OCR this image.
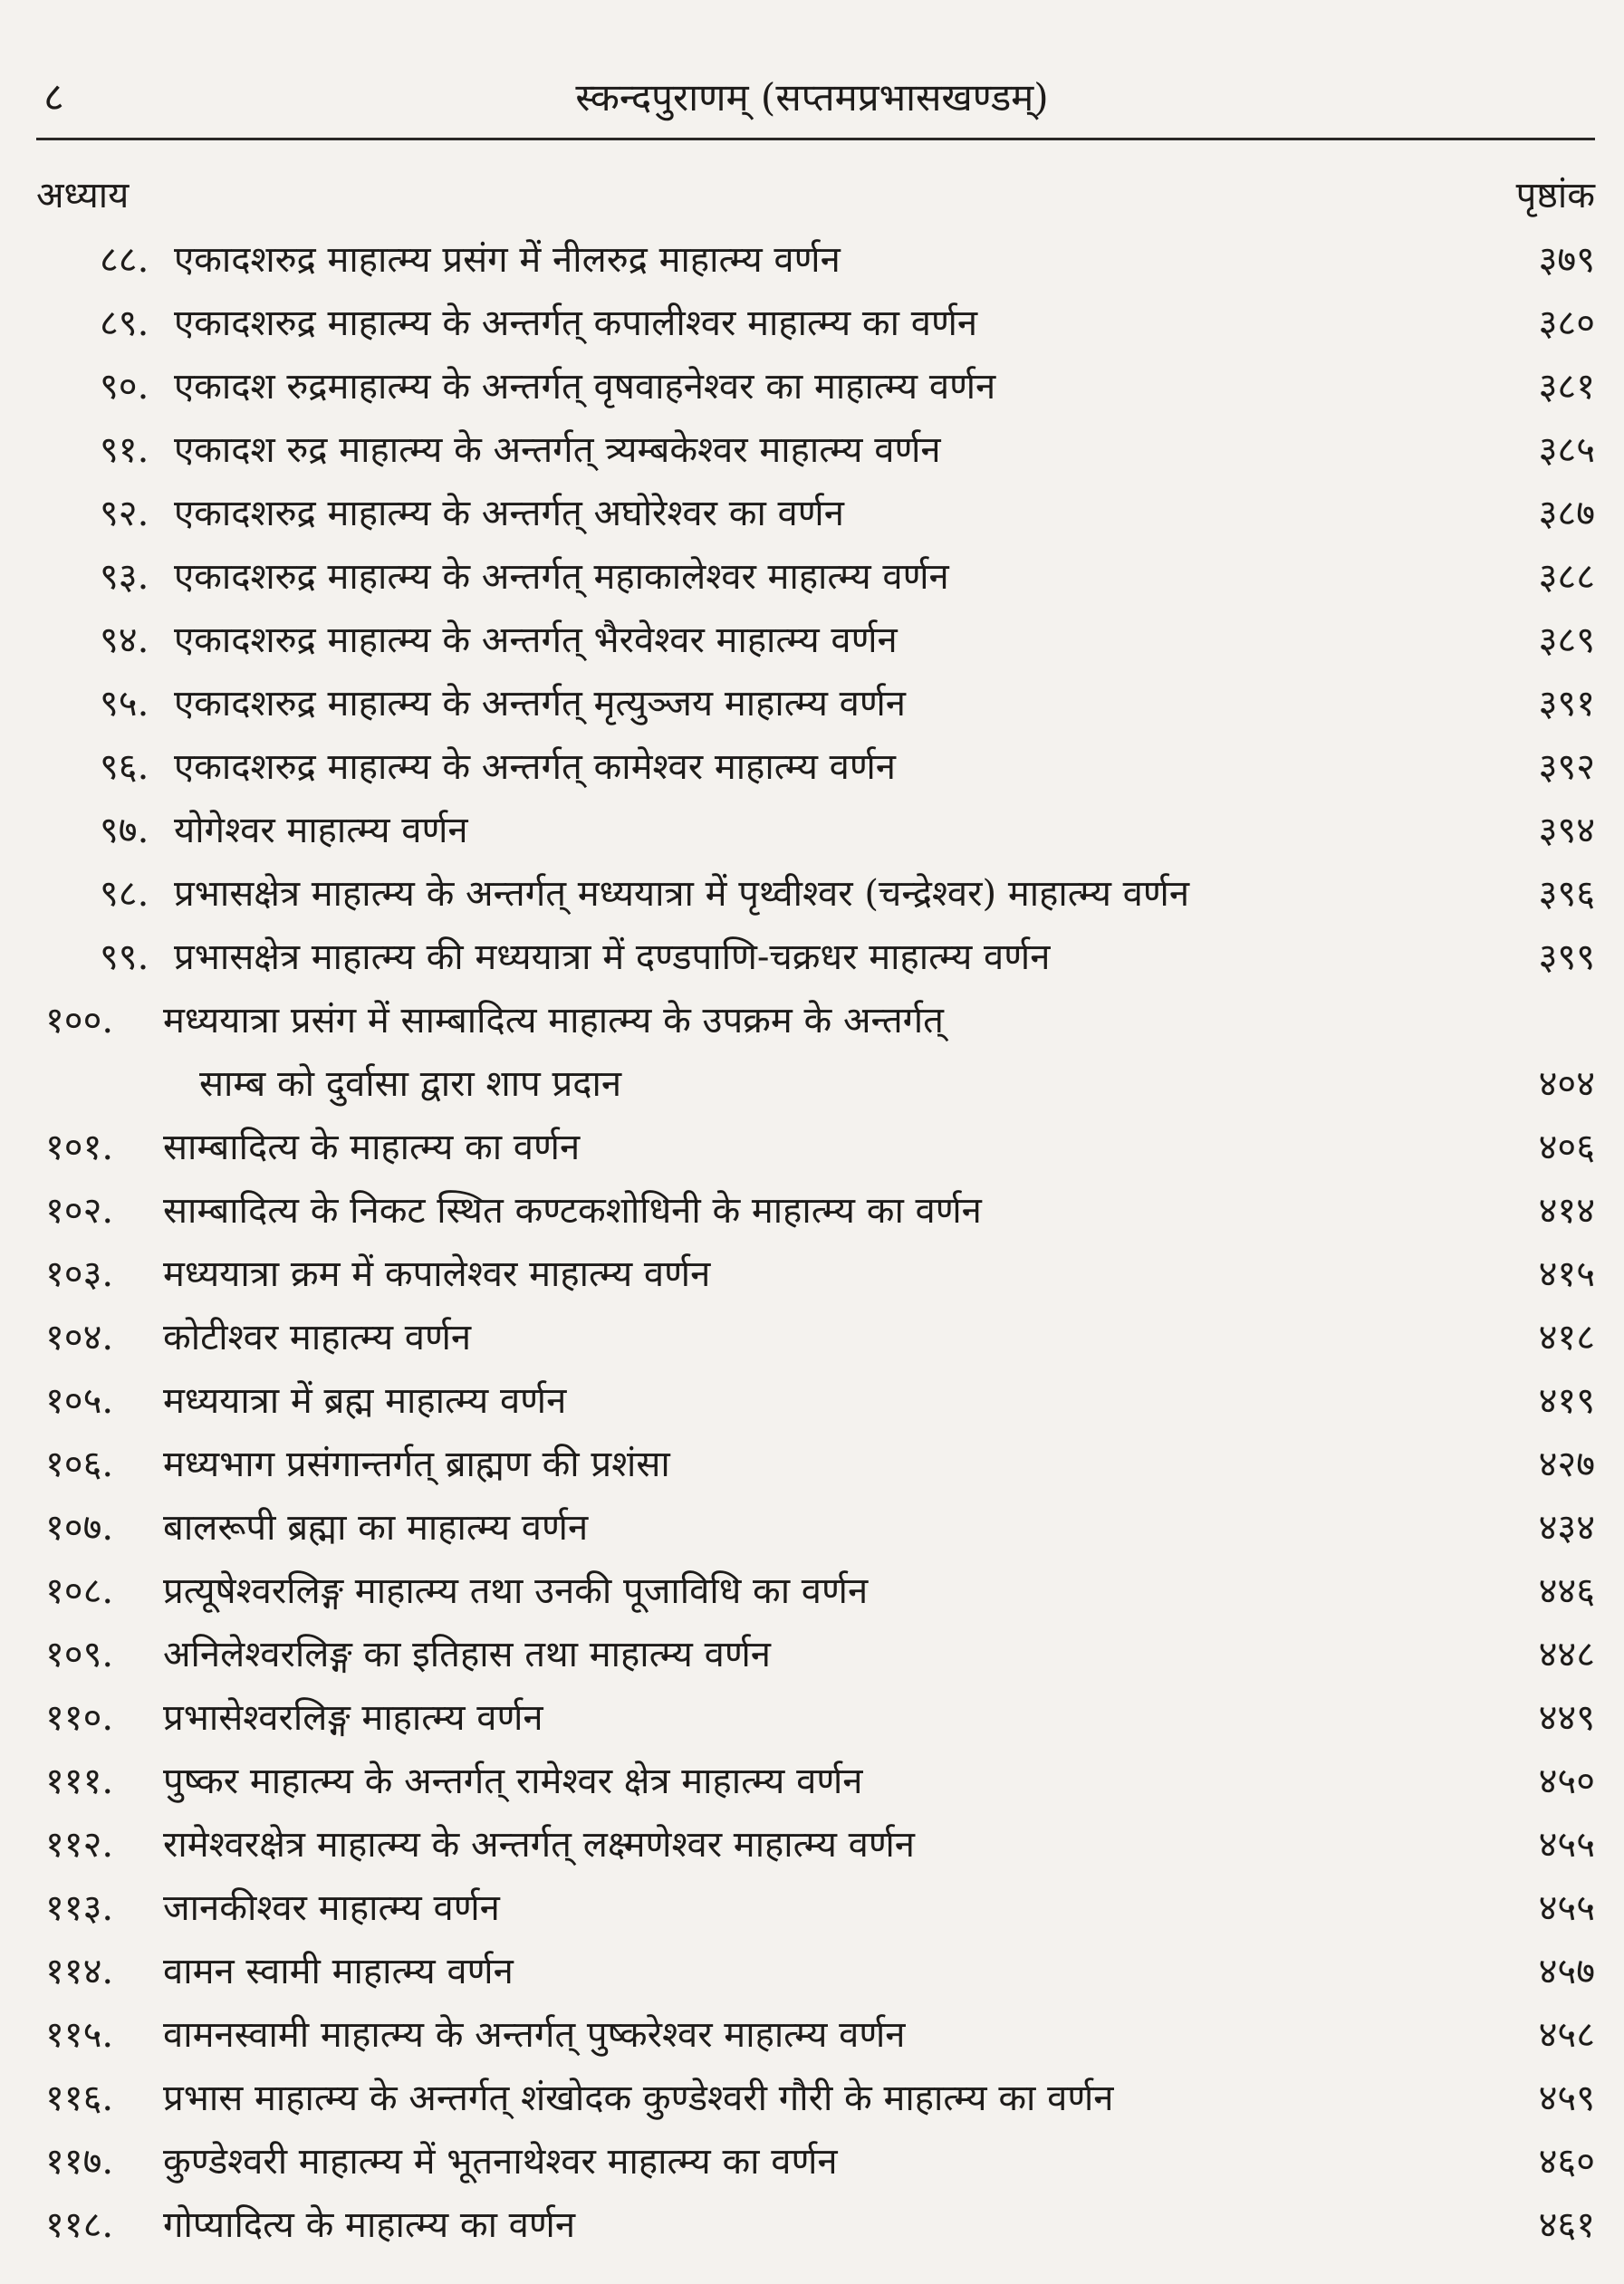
८	स्कन्दपुराणम् (सप्तमप्रभासखण्डम्)
अध्याय	पृष्ठांक
८८. एकादशरुद्र माहात्म्य प्रसंग में नीलरुद्र माहात्म्य वर्णन	३७९
८९. एकादशरुद्र माहात्म्य के अन्तर्गत् कपालीश्वर माहात्म्य का वर्णन	३८०
९०. एकादश रुद्रमाहात्म्य के अन्तर्गत् वृषवाहनेश्वर का माहात्म्य वर्णन	३८१
९१. एकादश रुद्र माहात्म्य के अन्तर्गत् त्र्यम्बकेश्वर माहात्म्य वर्णन	३८५
९२. एकादशरुद्र माहात्म्य के अन्तर्गत् अघोरेश्वर का वर्णन	३८७
९३. एकादशरुद्र माहात्म्य के अन्तर्गत् महाकालेश्वर माहात्म्य वर्णन	३८८
९४. एकादशरुद्र माहात्म्य के अन्तर्गत् भैरवेश्वर माहात्म्य वर्णन	३८९
९५. एकादशरुद्र माहात्म्य के अन्तर्गत् मृत्युञ्जय माहात्म्य वर्णन	३९१
९६. एकादशरुद्र माहात्म्य के अन्तर्गत् कामेश्वर माहात्म्य वर्णन	३९२
९७. योगेश्वर माहात्म्य वर्णन	३९४
९८. प्रभासक्षेत्र माहात्म्य के अन्तर्गत् मध्ययात्रा में पृथ्वीश्वर (चन्द्रेश्वर) माहात्म्य वर्णन	३९६
९९. प्रभासक्षेत्र माहात्म्य की मध्ययात्रा में दण्डपाणि-चक्रधर माहात्म्य वर्णन	३९९
१००. मध्ययात्रा प्रसंग में साम्बादित्य माहात्म्य के उपक्रम के अन्तर्गत्
साम्ब को दुर्वासा द्वारा शाप प्रदान	४०४
१०१. साम्बादित्य के माहात्म्य का वर्णन	४०६
१०२. साम्बादित्य के निकट स्थित कण्टकशोधिनी के माहात्म्य का वर्णन	४१४
१०३. मध्ययात्रा क्रम में कपालेश्वर माहात्म्य वर्णन	४१५
१०४. कोटीश्वर माहात्म्य वर्णन	४१८
१०५. मध्ययात्रा में ब्रह्म माहात्म्य वर्णन	४१९
१०६. मध्यभाग प्रसंगान्तर्गत् ब्राह्मण की प्रशंसा	४२७
१०७. बालरूपी ब्रह्मा का माहात्म्य वर्णन	४३४
१०८. प्रत्यूषेश्वरलिङ्ग माहात्म्य तथा उनकी पूजाविधि का वर्णन	४४६
१०९. अनिलेश्वरलिङ्ग का इतिहास तथा माहात्म्य वर्णन	४४८
११०. प्रभासेश्वरलिङ्ग माहात्म्य वर्णन	४४९
१११. पुष्कर माहात्म्य के अन्तर्गत् रामेश्वर क्षेत्र माहात्म्य वर्णन	४५०
११२. रामेश्वरक्षेत्र माहात्म्य के अन्तर्गत् लक्ष्मणेश्वर माहात्म्य वर्णन	४५५
११३. जानकीश्वर माहात्म्य वर्णन	४५५
११४. वामन स्वामी माहात्म्य वर्णन	४५७
११५. वामनस्वामी माहात्म्य के अन्तर्गत् पुष्करेश्वर माहात्म्य वर्णन	४५८
११६. प्रभास माहात्म्य के अन्तर्गत् शंखोदक कुण्डेश्वरी गौरी के माहात्म्य का वर्णन	४५९
११७. कुण्डेश्वरी माहात्म्य में भूतनाथेश्वर माहात्म्य का वर्णन	४६०
११८. गोप्यादित्य के माहात्म्य का वर्णन	४६१
